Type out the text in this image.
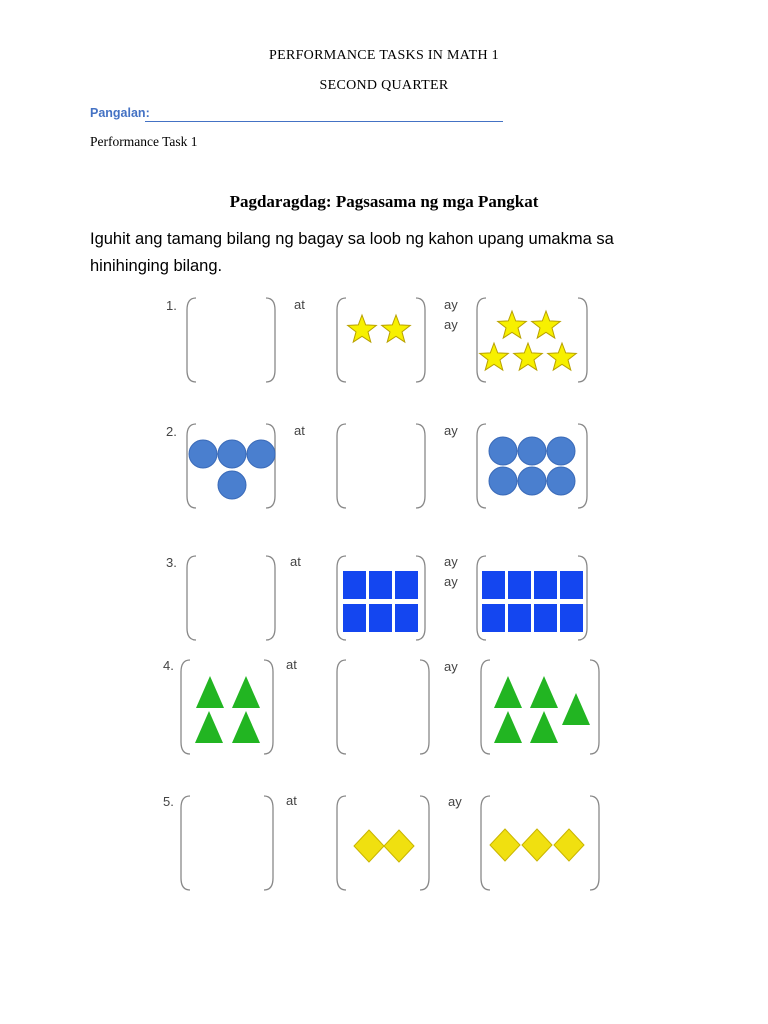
PERFORMANCE TASKS IN MATH 1
SECOND QUARTER
Pangalan:
Performance Task 1
Pagdaragdag: Pagsasama ng mga Pangkat
Iguhit ang tamang bilang ng bagay sa loob ng kahon upang umakma sa hinihinging bilang.
1.	at	ay
ay
2.	at	ay
3.	at	ay
ay
4.	at	ay
5.	at	ay
